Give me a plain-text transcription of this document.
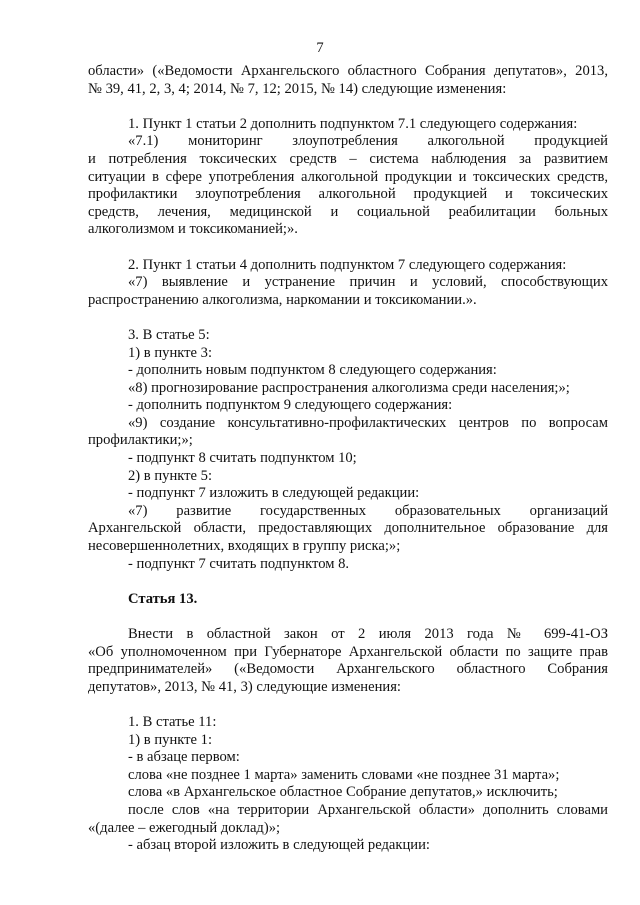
7
области» («Ведомости Архангельского областного Собрания депутатов», 2013,
№ 39, 41, 2, 3, 4; 2014, № 7, 12; 2015, № 14) следующие изменения:
1. Пункт 1 статьи 2 дополнить подпунктом 7.1 следующего содержания:
«7.1) мониторинг злоупотребления алкогольной продукцией
и потребления токсических средств – система наблюдения за развитием
ситуации в сфере употребления алкогольной продукции и токсических средств,
профилактики злоупотребления алкогольной продукцией и токсических
средств, лечения, медицинской и социальной реабилитации больных
алкоголизмом и токсикоманией;».
2. Пункт 1 статьи 4 дополнить подпунктом 7 следующего содержания:
«7) выявление и устранение причин и условий, способствующих
распространению алкоголизма, наркомании и токсикомании.».
3. В статье 5:
1) в пункте 3:
- дополнить новым подпунктом 8 следующего содержания:
«8) прогнозирование распространения алкоголизма среди населения;»;
- дополнить подпунктом 9 следующего содержания:
«9) создание консультативно-профилактических центров по вопросам
профилактики;»;
- подпункт 8 считать подпунктом 10;
2) в пункте 5:
- подпункт 7 изложить в следующей редакции:
«7) развитие государственных образовательных организаций
Архангельской области, предоставляющих дополнительное образование для
несовершеннолетних, входящих в группу риска;»;
- подпункт 7 считать подпунктом 8.
Статья 13.
Внести в областной закон от 2 июля 2013 года № 699-41-ОЗ
«Об уполномоченном при Губернаторе Архангельской области по защите прав
предпринимателей» («Ведомости Архангельского областного Собрания
депутатов», 2013, № 41, 3) следующие изменения:
1. В статье 11:
1) в пункте 1:
- в абзаце первом:
слова «не позднее 1 марта» заменить словами «не позднее 31 марта»;
слова «в Архангельское областное Собрание депутатов,» исключить;
после слов «на территории Архангельской области» дополнить словами
«(далее – ежегодный доклад)»;
- абзац второй изложить в следующей редакции:
